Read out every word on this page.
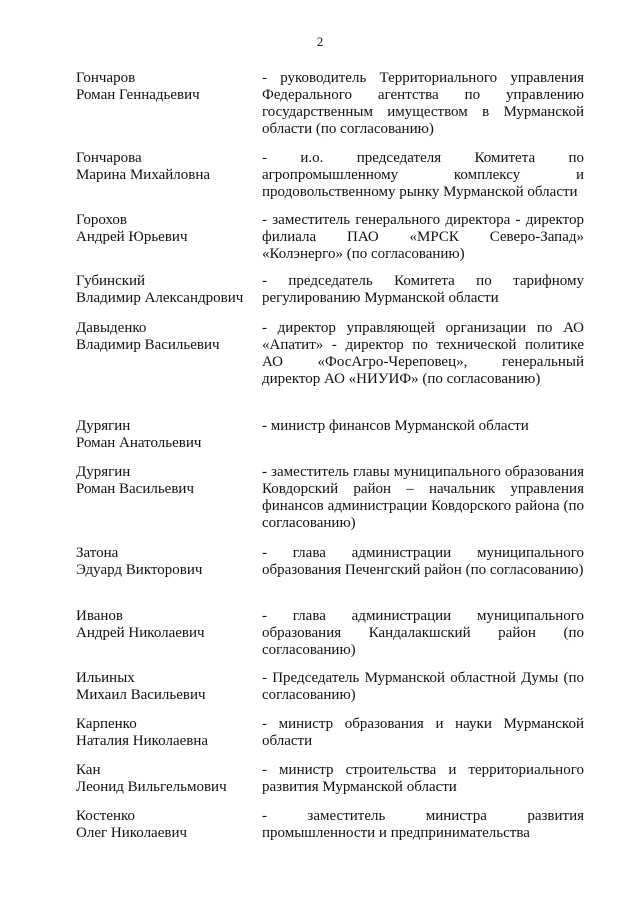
2
Гончаров
Роман Геннадьевич
- руководитель Территориального управления Федерального агентства по управлению государственным имуществом в Мурманской области (по согласованию)
Гончарова
Марина Михайловна
- и.о. председателя Комитета по агропромышленному комплексу и продовольственному рынку Мурманской области
Горохов
Андрей Юрьевич
- заместитель генерального директора - директор филиала ПАО «МРСК Северо-Запад» «Колэнерго» (по согласованию)
Губинский
Владимир Александрович
- председатель Комитета по тарифному регулированию Мурманской области
Давыденко
Владимир Васильевич
- директор управляющей организации по АО «Апатит» - директор по технической политике АО «ФосАгро-Череповец», генеральный директор АО «НИУИФ» (по согласованию)
Дурягин
Роман Анатольевич
- министр финансов Мурманской области
Дурягин
Роман Васильевич
- заместитель главы муниципального образования Ковдорский район – начальник управления финансов администрации Ковдорского района (по согласованию)
Затона
Эдуард Викторович
- глава администрации муниципального образования Печенгский район (по согласованию)
Иванов
Андрей Николаевич
- глава администрации муниципального образования Кандалакшский район (по согласованию)
Ильиных
Михаил Васильевич
- Председатель Мурманской областной Думы (по согласованию)
Карпенко
Наталия Николаевна
- министр образования и науки Мурманской области
Кан
Леонид Вильгельмович
- министр строительства и территориального развития Мурманской области
Костенко
Олег Николаевич
- заместитель министра развития промышленности и предпринимательства
